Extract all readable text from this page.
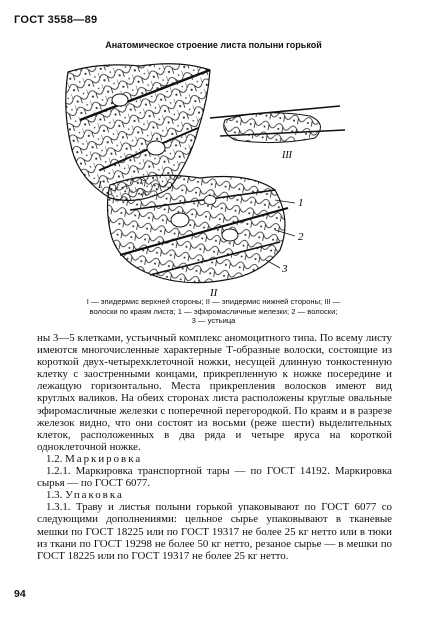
ГОСТ 3558—89
Анатомическое строение листа полыни горькой
I
III
II
1
2
3
I — эпидермис верхней стороны; II — эпидермис нижней стороны; III —
волоски по краям листа; 1 — эфиромасличные железки; 2 — волоски;
3 — устьица

ны 3—5 клетками, устьичный комплекс аномоцитного типа. По всему листу имеются многочисленные характерные Т-образные волоски, состоящие из короткой двух-четырехклеточной ножки, несущей длинную тонкостенную клетку с заостренными концами, прикрепленную к ножке посередине и лежащую горизонтально. Места прикрепления волосков имеют вид круглых валиков. На обеих сторонах листа расположены круглые овальные эфиромасличные железки с поперечной перегородкой. По краям и в разрезе железок видно, что они состоят из восьми (реже шести) выделительных клеток, расположенных в два ряда и четыре яруса на короткой одноклеточной ножке.

1.2. Маркировка

1.2.1. Маркировка транспортной тары — по ГОСТ 14192. Маркировка сырья — по ГОСТ 6077.

1.3. Упаковка

1.3.1. Траву и листья полыни горькой упаковывают по ГОСТ 6077 со следующими дополнениями: цельное сырье упаковывают в тканевые мешки по ГОСТ 18225 или по ГОСТ 19317 не более 25 кг нетто или в тюки из ткани по ГОСТ 19298 не более 50 кг нетто, резаное сырье — в мешки по ГОСТ 18225 или по ГОСТ 19317 не более 25 кг нетто.

94
